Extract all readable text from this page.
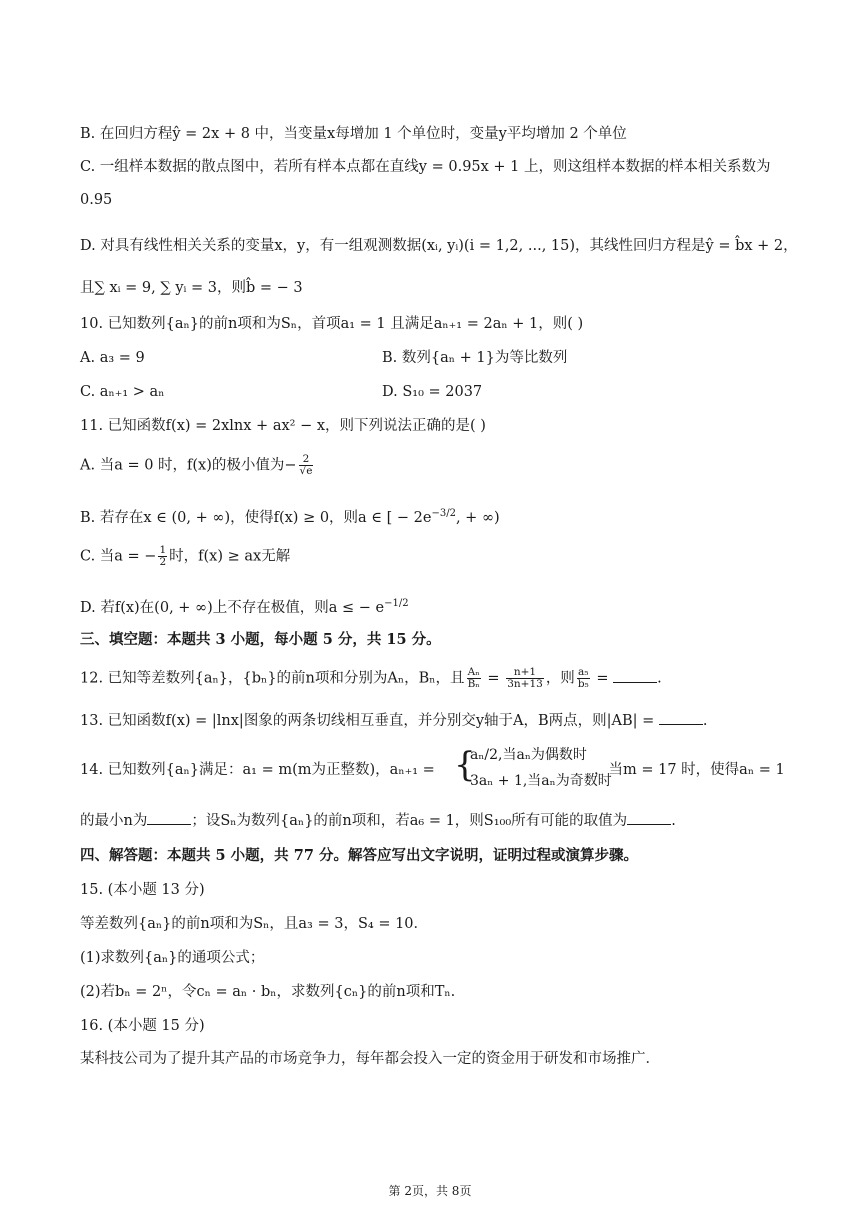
B. 在回归方程ŷ = 2x + 8 中，当变量x每增加 1 个单位时，变量y平均增加 2 个单位
C. 一组样本数据的散点图中，若所有样本点都在直线y = 0.95x + 1 上，则这组样本数据的样本相关系数为
0.95
D. 对具有线性相关关系的变量x，y，有一组观测数据(xᵢ, yᵢ)(i = 1,2, ..., 15)，其线性回归方程是ŷ = b̂x + 2，
且∑ xᵢ = 9, ∑ yᵢ = 3，则b̂ = − 3
10. 已知数列{aₙ}的前n项和为Sₙ，首项a₁ = 1 且满足aₙ₊₁ = 2aₙ + 1，则( )
A. a₃ = 9	B. 数列{aₙ + 1}为等比数列
C. aₙ₊₁ > aₙ	D. S₁₀ = 2037
11. 已知函数f(x) = 2xlnx + ax² − x，则下列说法正确的是( )
A. 当a = 0 时，f(x)的极小值为− $\frac{2}{√e}$
B. 若存在x ∈ (0, + ∞)，使得f(x) ≥ 0，则a ∈ [ − $2e^{-3/2}$, + ∞)
C. 当a = − $\frac{1}{2}$ 时，f(x) ≥ ax无解
D. 若f(x)在(0, + ∞)上不存在极值，则a ≤ − $e^{-1/2}$
三、填空题：本题共 3 小题，每小题 5 分，共 15 分。
12. 已知等差数列{aₙ}，{bₙ}的前n项和分别为Aₙ，Bₙ，且 $\frac{\text{Aₙ}}{\text{Bₙ}} = \frac{n+1}{3n+13}$ ，则 $\frac{\text{a₅}}{\text{b₅}}$ =	.
13. 已知函数f(x) = |lnx|图象的两条切线相互垂直，并分别交y轴于A，B两点，则|AB| =	.
14. 已知数列{aₙ}满足：a₁ = m(m为正整数)，aₙ₊₁ = {
aₙ/2,当aₙ为偶数时
3aₙ + 1,当aₙ为奇数时
，当m = 17 时，使得aₙ = 1
的最小n为	；设Sₙ为数列{aₙ}的前n项和，若a₆ = 1，则S₁₀₀所有可能的取值为	.
四、解答题：本题共 5 小题，共 77 分。解答应写出文字说明，证明过程或演算步骤。
15. (本小题 13 分)
等差数列{aₙ}的前n项和为Sₙ，且a₃ = 3，S₄ = 10．
(1)求数列{aₙ}的通项公式；
(2)若bₙ = 2ⁿ，令cₙ = aₙ · bₙ，求数列{cₙ}的前n项和Tₙ.
16. (本小题 15 分)
某科技公司为了提升其产品的市场竞争力，每年都会投入一定的资金用于研发和市场推广．
第 2页，共 8页
